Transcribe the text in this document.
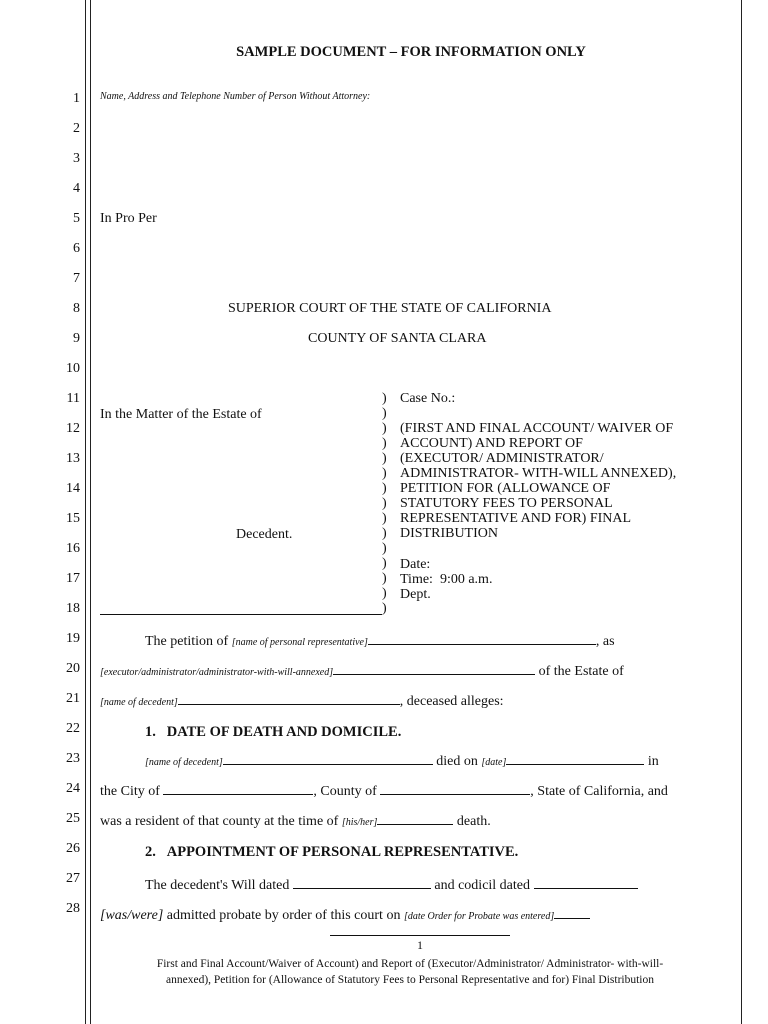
SAMPLE DOCUMENT – FOR INFORMATION ONLY
1
2
3
4
5
6
7
8
9
10
11
12
13
14
15
16
17
18
19
20
21
22
23
24
25
26
27
28
Name, Address and Telephone Number of Person Without Attorney:
In Pro Per
SUPERIOR COURT OF THE STATE OF CALIFORNIA
COUNTY OF SANTA CLARA
In the Matter of the Estate of
Decedent.
)
)
)
)
)
)
)
)
)
)
)
)
)
)
)
Case No.:
(FIRST AND FINAL ACCOUNT/ WAIVER OF
ACCOUNT) AND REPORT OF
(EXECUTOR/ ADMINISTRATOR/
ADMINISTRATOR- WITH-WILL ANNEXED),
PETITION FOR (ALLOWANCE OF
STATUTORY FEES TO PERSONAL
REPRESENTATIVE AND FOR) FINAL
DISTRIBUTION
Date:
Time: 9:00 a.m.
Dept.
The petition of [name of personal representative]	, as
[executor/administrator/administrator-with-will-annexed]	of the Estate of
[name of decedent]	, deceased alleges:
1. DATE OF DEATH AND DOMICILE.
[name of decedent]	died on [date]	in
the City of	, County of	, State of California, and
was a resident of that county at the time of [his/her]	death.
2. APPOINTMENT OF PERSONAL REPRESENTATIVE.
The decedent's Will dated	and codicil dated
[was/were] admitted probate by order of this court on [date Order for Probate was entered]
1
First and Final Account/Waiver of Account) and Report of (Executor/Administrator/ Administrator- with-will-
annexed), Petition for (Allowance of Statutory Fees to Personal Representative and for) Final Distribution
